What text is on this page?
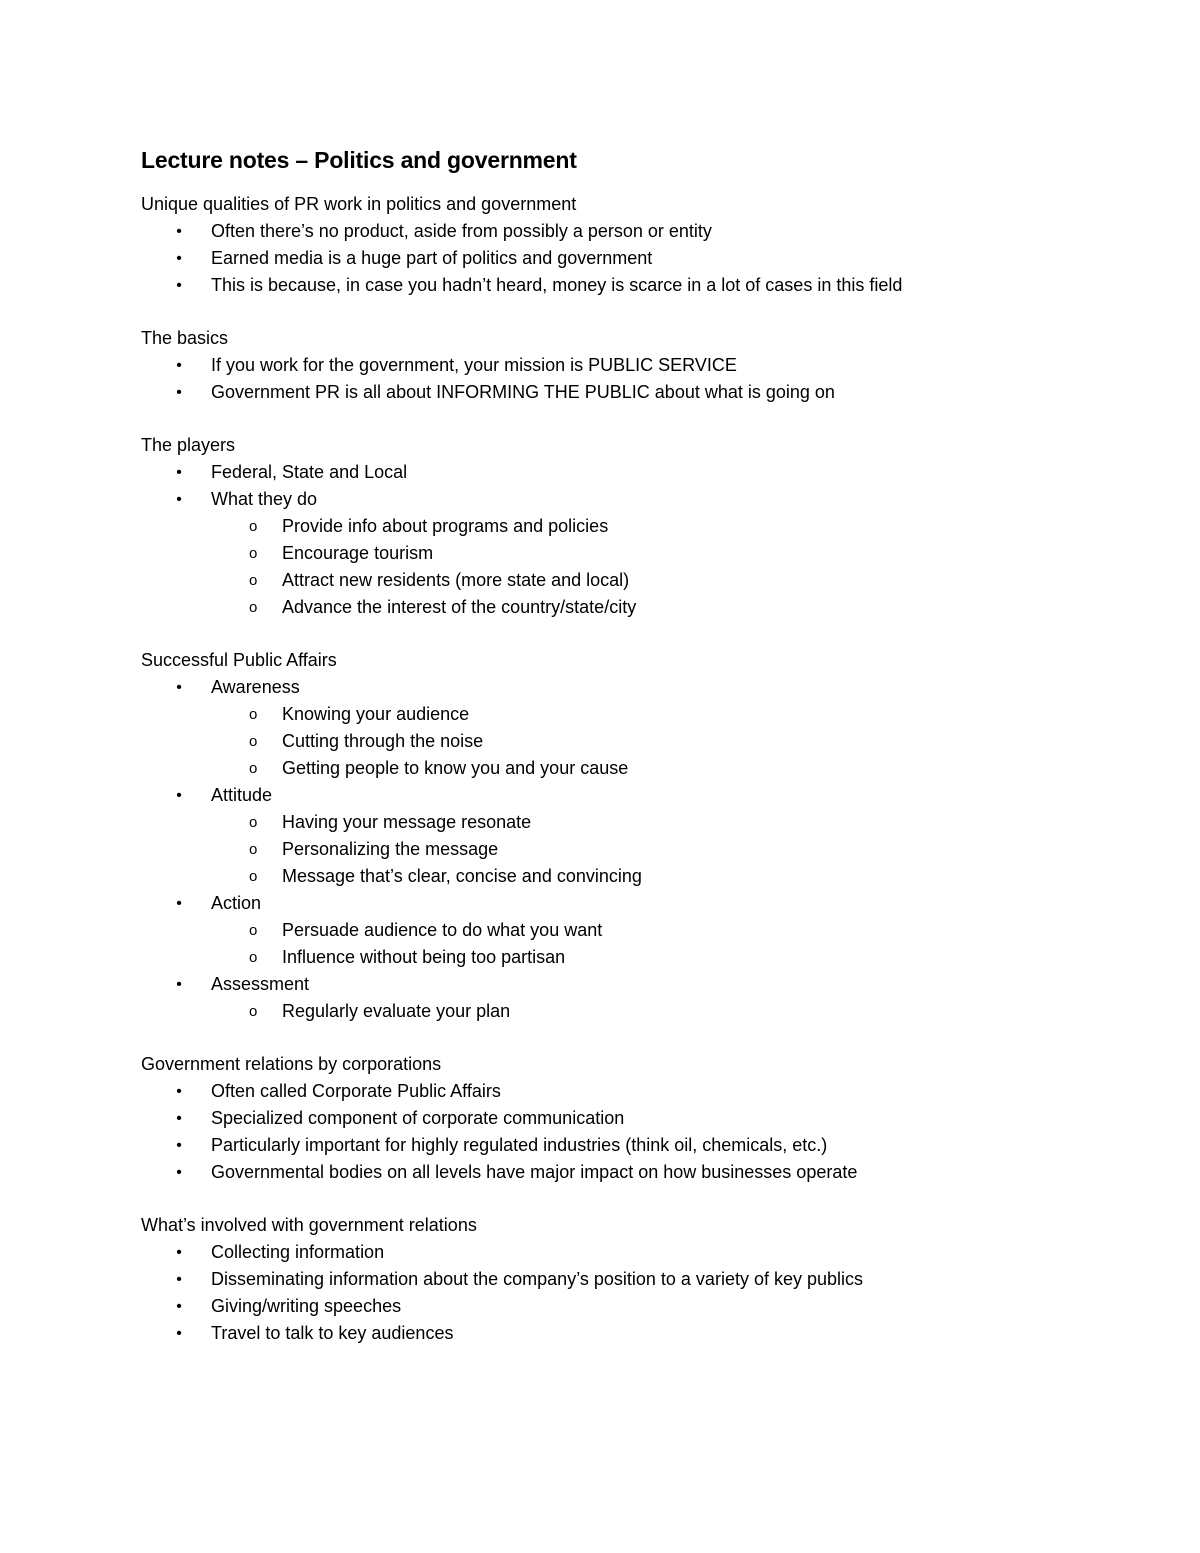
Lecture notes – Politics and government
Unique qualities of PR work in politics and government
• Often there’s no product, aside from possibly a person or entity
• Earned media is a huge part of politics and government
• This is because, in case you hadn’t heard, money is scarce in a lot of cases in this field
The basics
• If you work for the government, your mission is PUBLIC SERVICE
• Government PR is all about INFORMING THE PUBLIC about what is going on
The players
• Federal, State and Local
• What they do
o Provide info about programs and policies
o Encourage tourism
o Attract new residents (more state and local)
o Advance the interest of the country/state/city
Successful Public Affairs
• Awareness
o Knowing your audience
o Cutting through the noise
o Getting people to know you and your cause
• Attitude
o Having your message resonate
o Personalizing the message
o Message that’s clear, concise and convincing
• Action
o Persuade audience to do what you want
o Influence without being too partisan
• Assessment
o Regularly evaluate your plan
Government relations by corporations
• Often called Corporate Public Affairs
• Specialized component of corporate communication
• Particularly important for highly regulated industries (think oil, chemicals, etc.)
• Governmental bodies on all levels have major impact on how businesses operate
What’s involved with government relations
• Collecting information
• Disseminating information about the company’s position to a variety of key publics
• Giving/writing speeches
• Travel to talk to key audiences
